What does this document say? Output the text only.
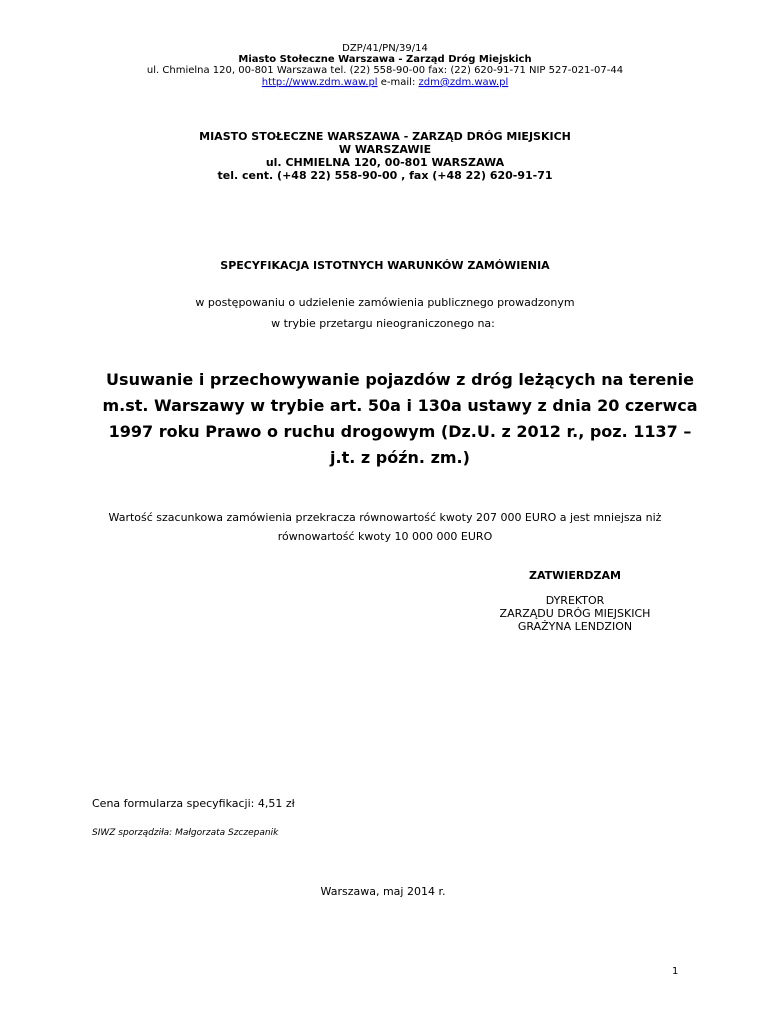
DZP/41/PN/39/14
Miasto Stołeczne Warszawa - Zarząd Dróg Miejskich
ul. Chmielna 120, 00-801 Warszawa tel. (22) 558-90-00 fax: (22) 620-91-71 NIP 527-021-07-44
http://www.zdm.waw.pl e-mail: zdm@zdm.waw.pl
MIASTO STOŁECZNE WARSZAWA - ZARZĄD DRÓG MIEJSKICH
W WARSZAWIE
ul. CHMIELNA 120, 00-801 WARSZAWA
tel. cent. (+48 22) 558-90-00 , fax (+48 22) 620-91-71
SPECYFIKACJA ISTOTNYCH WARUNKÓW ZAMÓWIENIA
w postępowaniu o udzielenie zamówienia publicznego prowadzonym
w trybie przetargu nieograniczonego na:
Usuwanie i przechowywanie pojazdów z dróg leżących na terenie
m.st. Warszawy w trybie art. 50a i 130a ustawy z dnia 20 czerwca
1997 roku Prawo o ruchu drogowym (Dz.U. z 2012 r., poz. 1137 –
j.t. z późn. zm.)
Wartość szacunkowa zamówienia przekracza równowartość kwoty 207 000 EURO a jest mniejsza niż
równowartość kwoty 10 000 000 EURO
ZATWIERDZAM
DYREKTOR
ZARZĄDU DRÓG MIEJSKICH
GRAŻYNA LENDZION
Cena formularza specyfikacji: 4,51 zł
SIWZ sporządziła: Małgorzata Szczepanik
Warszawa, maj 2014 r.
1
